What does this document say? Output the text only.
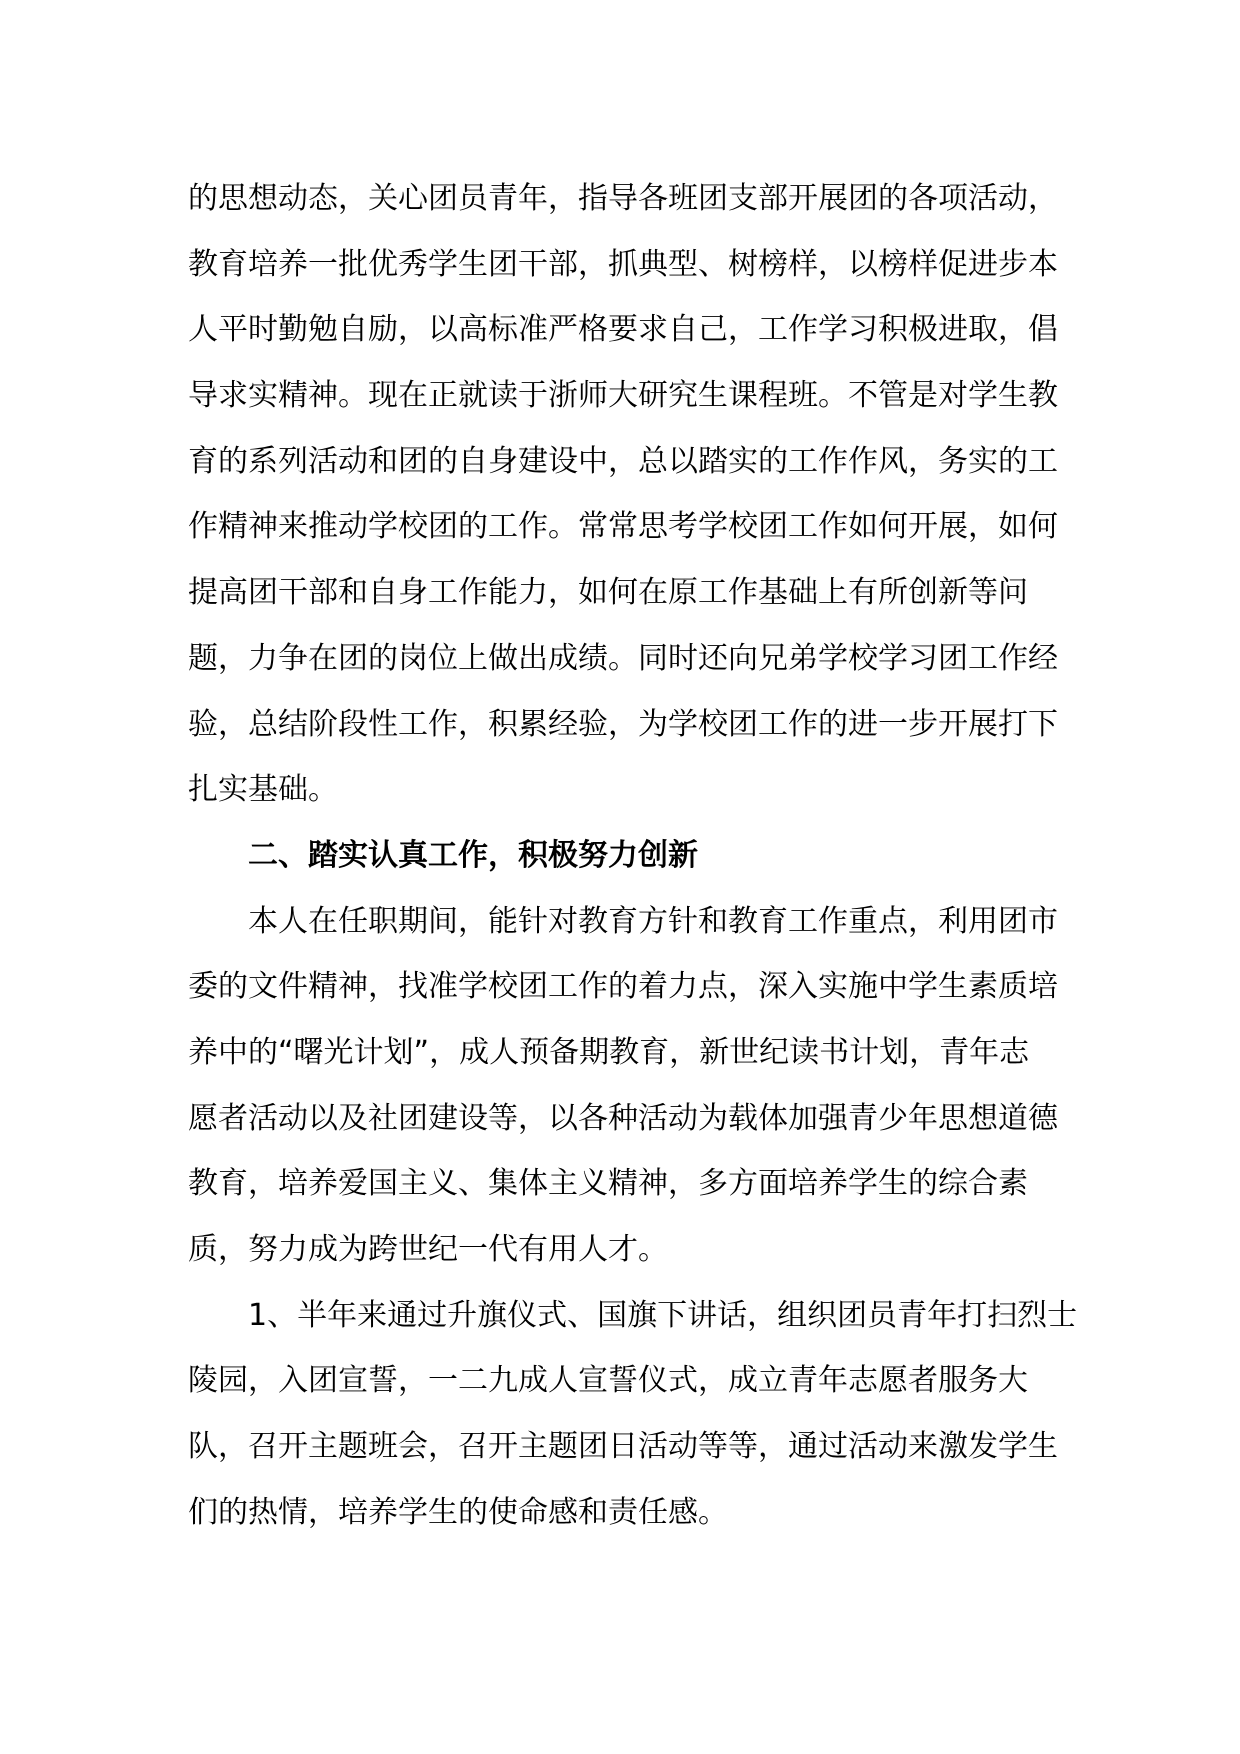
的思想动态，关心团员青年，指导各班团支部开展团的各项活动，
教育培养一批优秀学生团干部，抓典型、树榜样，以榜样促进步本
人平时勤勉自励，以高标准严格要求自己，工作学习积极进取，倡
导求实精神。现在正就读于浙师大研究生课程班。不管是对学生教
育的系列活动和团的自身建设中，总以踏实的工作作风，务实的工
作精神来推动学校团的工作。常常思考学校团工作如何开展，如何
提高团干部和自身工作能力，如何在原工作基础上有所创新等问
题，力争在团的岗位上做出成绩。同时还向兄弟学校学习团工作经
验，总结阶段性工作，积累经验，为学校团工作的进一步开展打下
扎实基础。
二、踏实认真工作，积极努力创新
本人在任职期间，能针对教育方针和教育工作重点，利用团市
委的文件精神，找准学校团工作的着力点，深入实施中学生素质培
养中的“曙光计划”，成人预备期教育，新世纪读书计划，青年志
愿者活动以及社团建设等，以各种活动为载体加强青少年思想道德
教育，培养爱国主义、集体主义精神，多方面培养学生的综合素
质，努力成为跨世纪一代有用人才。
1、半年来通过升旗仪式、国旗下讲话，组织团员青年打扫烈士
陵园，入团宣誓，一二九成人宣誓仪式，成立青年志愿者服务大
队，召开主题班会，召开主题团日活动等等，通过活动来激发学生
们的热情，培养学生的使命感和责任感。
